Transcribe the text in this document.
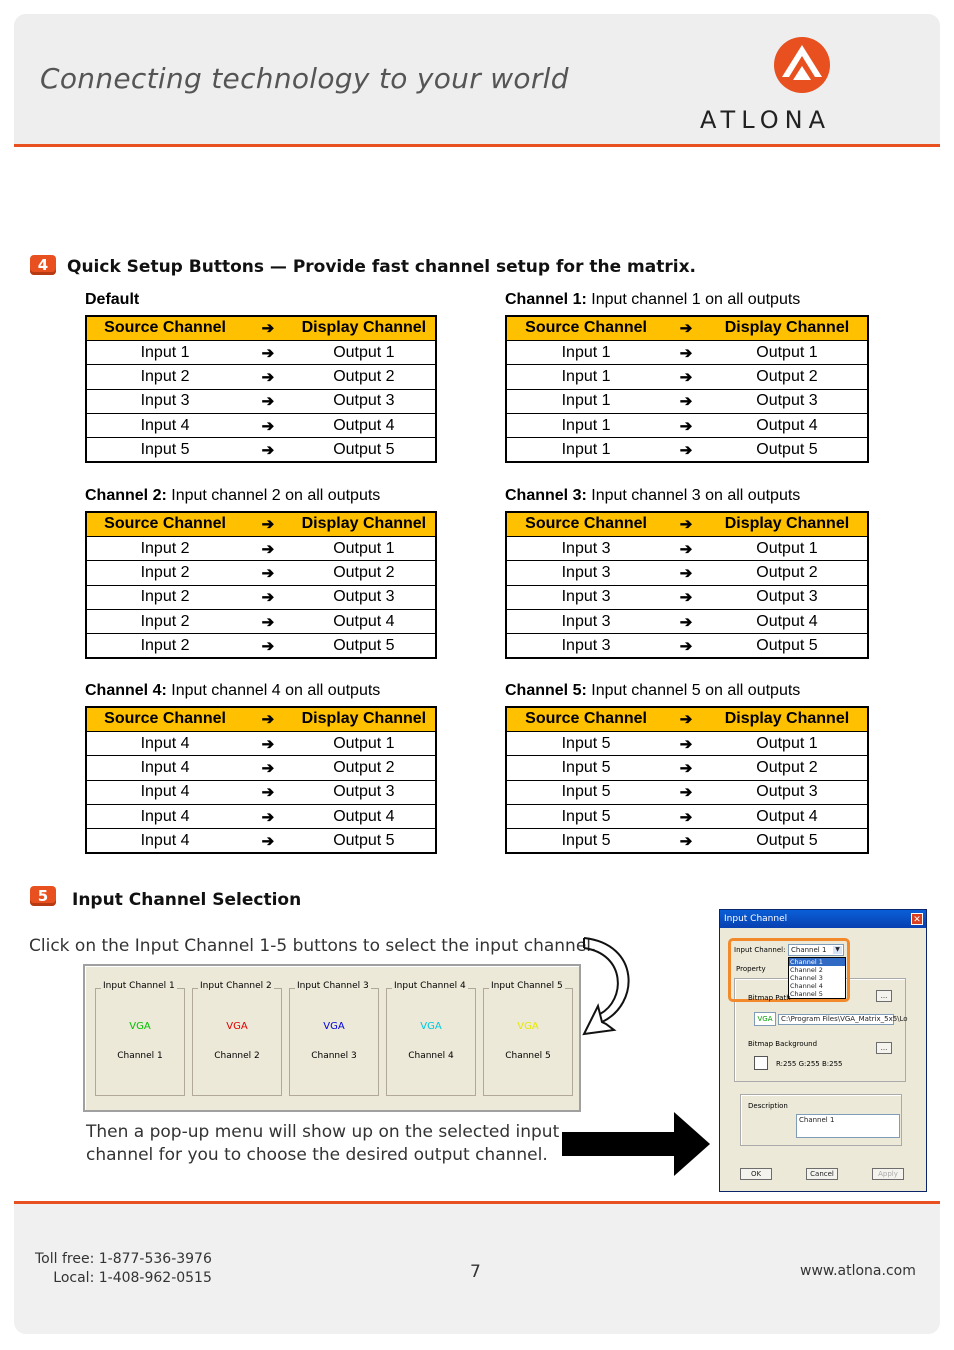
Connecting technology to your world
ATLONA
4	Quick Setup Buttons — Provide fast channel setup for the matrix.
Default
Source Channel	➔	Display Channel
Input 1	➔	Output 1
Input 2	➔	Output 2
Input 3	➔	Output 3
Input 4	➔	Output 4
Input 5	➔	Output 5
Channel 1: Input channel 1 on all outputs
Source Channel	➔	Display Channel
Input 1	➔	Output 1
Input 1	➔	Output 2
Input 1	➔	Output 3
Input 1	➔	Output 4
Input 1	➔	Output 5
Channel 2: Input channel 2 on all outputs
Source Channel	➔	Display Channel
Input 2	➔	Output 1
Input 2	➔	Output 2
Input 2	➔	Output 3
Input 2	➔	Output 4
Input 2	➔	Output 5
Channel 3: Input channel 3 on all outputs
Source Channel	➔	Display Channel
Input 3	➔	Output 1
Input 3	➔	Output 2
Input 3	➔	Output 3
Input 3	➔	Output 4
Input 3	➔	Output 5
Channel 4: Input channel 4 on all outputs
Source Channel	➔	Display Channel
Input 4	➔	Output 1
Input 4	➔	Output 2
Input 4	➔	Output 3
Input 4	➔	Output 4
Input 4	➔	Output 5
Channel 5: Input channel 5 on all outputs
Source Channel	➔	Display Channel
Input 5	➔	Output 1
Input 5	➔	Output 2
Input 5	➔	Output 3
Input 5	➔	Output 4
Input 5	➔	Output 5
5	Input Channel Selection
Click on the Input Channel 1-5 buttons to select the input channel.
Input Channel 1
VGA
Channel 1
Input Channel 2
VGA
Channel 2
Input Channel 3
VGA
Channel 3
Input Channel 4
VGA
Channel 4
Input Channel 5
VGA
Channel 5
Then a pop-up menu will show up on the selected input
channel for you to choose the desired output channel.
Input Channel	✕
Input Channel: Channel 1	▼
Property
Channel 1
Channel 2
Channel 3
Channel 4
Channel 5
Bitmap Path	...
VGA	C:\Program Files\VGA_Matrix_5x5\Lo
Bitmap Background	...
R:255 G:255 B:255
Description
Channel 1
OK	Cancel	Apply
Toll free: 1-877-536-3976
Local: 1-408-962-0515	7	www.atlona.com
